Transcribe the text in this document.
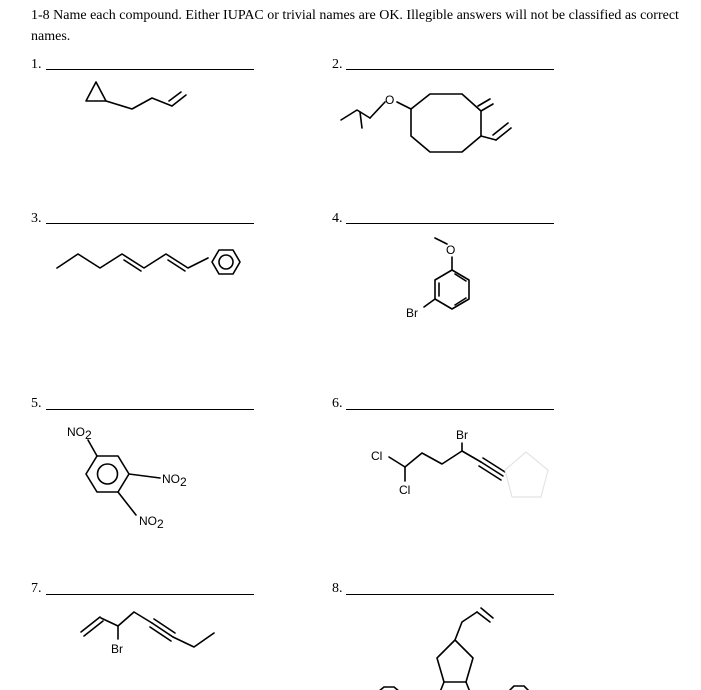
1-8 Name each compound. Either IUPAC or trivial names are OK. Illegible answers will not be classified as correct names.
1.	2.
3.	4.
5.	6.
7.	8.
O
O
Br
NO2
NO2
NO2
Cl
Cl
Br
Br
